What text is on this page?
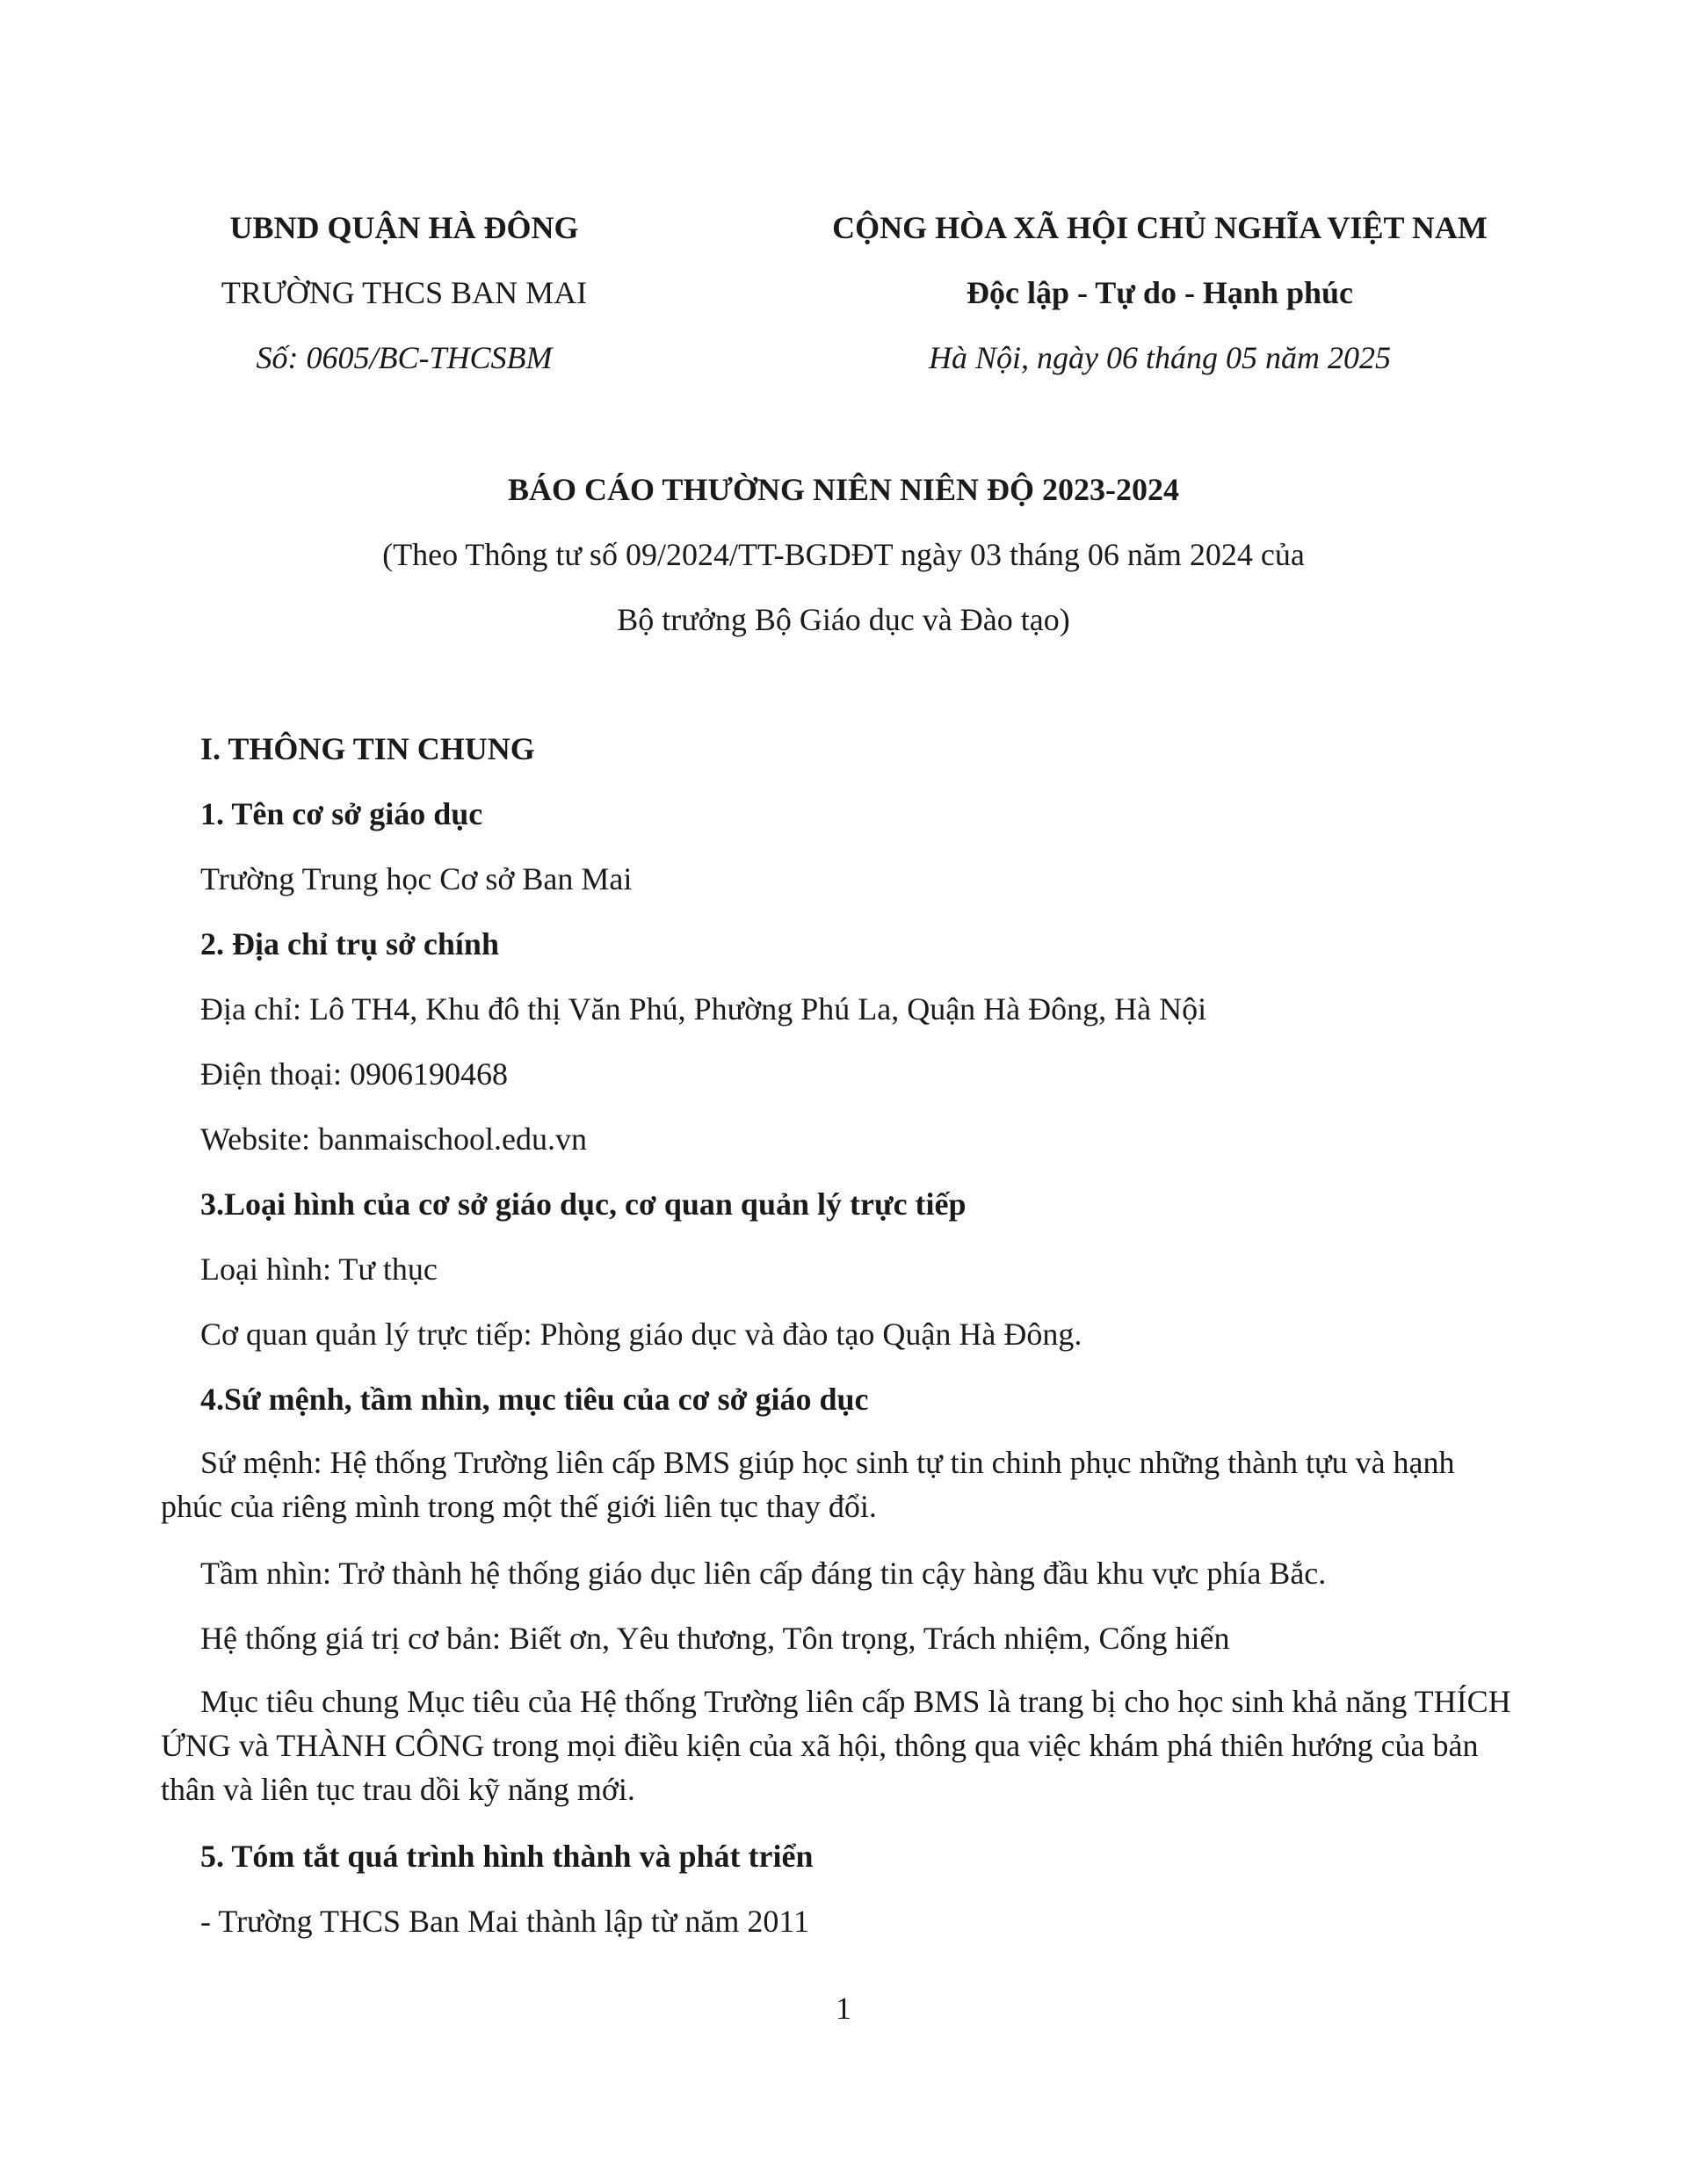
UBND QUẬN HÀ ĐÔNG
TRƯỜNG THCS BAN MAI
Số: 0605/BC-THCSBM
CỘNG HÒA XÃ HỘI CHỦ NGHĨA VIỆT NAM
Độc lập - Tự do - Hạnh phúc
Hà Nội, ngày 06 tháng 05 năm 2025
BÁO CÁO THƯỜNG NIÊN NIÊN ĐỘ 2023-2024
(Theo Thông tư số 09/2024/TT-BGDĐT ngày 03 tháng 06 năm 2024 của
Bộ trưởng Bộ Giáo dục và Đào tạo)
I. THÔNG TIN CHUNG
1. Tên cơ sở giáo dục
Trường Trung học Cơ sở Ban Mai
2. Địa chỉ trụ sở chính
Địa chỉ: Lô TH4, Khu đô thị Văn Phú, Phường Phú La, Quận Hà Đông, Hà Nội
Điện thoại: 0906190468
Website: banmaischool.edu.vn
3.Loại hình của cơ sở giáo dục, cơ quan quản lý trực tiếp
Loại hình: Tư thục
Cơ quan quản lý trực tiếp: Phòng giáo dục và đào tạo Quận Hà Đông.
4.Sứ mệnh, tầm nhìn, mục tiêu của cơ sở giáo dục
Sứ mệnh: Hệ thống Trường liên cấp BMS giúp học sinh tự tin chinh phục những thành tựu và hạnh phúc của riêng mình trong một thế giới liên tục thay đổi.
Tầm nhìn: Trở thành hệ thống giáo dục liên cấp đáng tin cậy hàng đầu khu vực phía Bắc.
Hệ thống giá trị cơ bản: Biết ơn, Yêu thương, Tôn trọng, Trách nhiệm, Cống hiến
Mục tiêu chung Mục tiêu của Hệ thống Trường liên cấp BMS là trang bị cho học sinh khả năng THÍCH ỨNG và THÀNH CÔNG trong mọi điều kiện của xã hội, thông qua việc khám phá thiên hướng của bản thân và liên tục trau dồi kỹ năng mới.
5. Tóm tắt quá trình hình thành và phát triển
- Trường THCS Ban Mai thành lập từ năm 2011
1
